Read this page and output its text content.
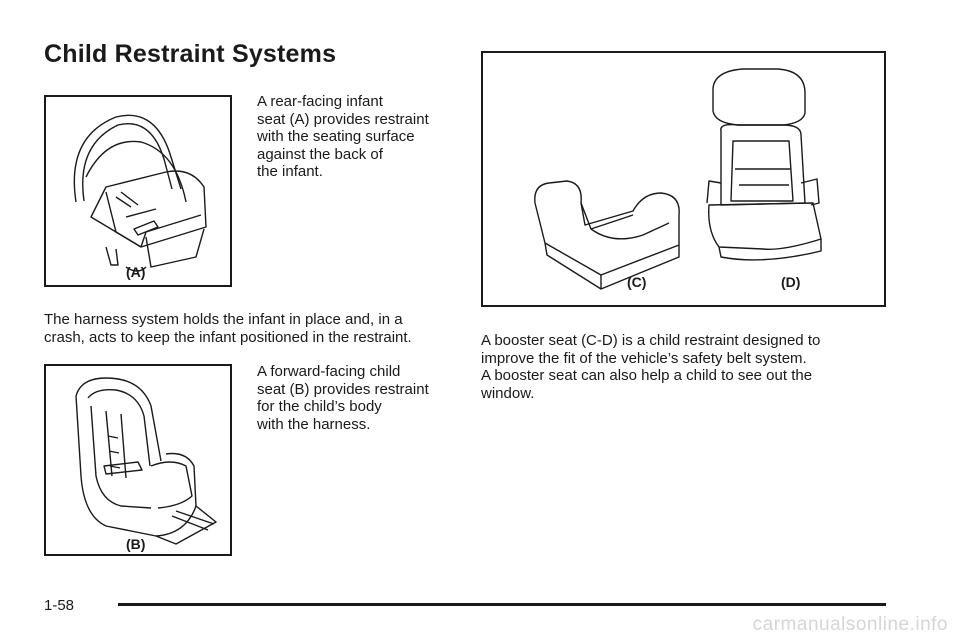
Child Restraint Systems
(A)

A rear-facing infant
seat (A) provides restraint
with the seating surface
against the back of
the infant.

The harness system holds the infant in place and, in a
crash, acts to keep the infant positioned in the restraint.

(B)

A forward-facing child
seat (B) provides restraint
for the child’s body
with the harness.

(C)	(D)

A booster seat (C-D) is a child restraint designed to
improve the fit of the vehicle’s safety belt system.
A booster seat can also help a child to see out the
window.

1-58
carmanualsonline.info
